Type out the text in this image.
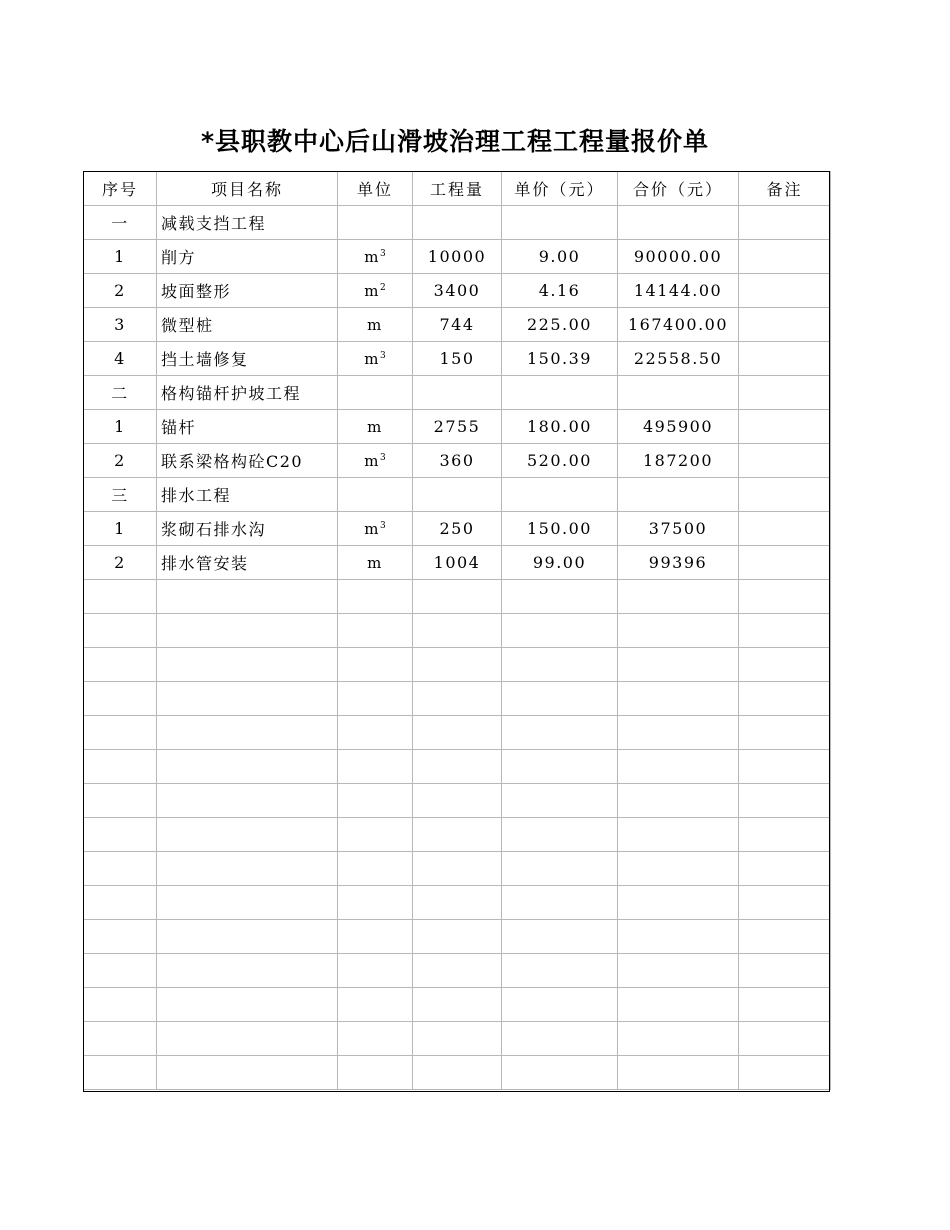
*县职教中心后山滑坡治理工程工程量报价单
序号	项目名称	单位	工程量	单价（元）	合价（元）	备注
一	减载支挡工程					
1	削方	$m^3$	10000	9.00	90000.00	
2	坡面整形	$m^2$	3400	4.16	14144.00	
3	微型桩	m	744	225.00	167400.00	
4	挡土墙修复	$m^3$	150	150.39	22558.50	
二	格构锚杆护坡工程					
1	锚杆	m	2755	180.00	495900	
2	联系梁格构砼C20	$m^3$	360	520.00	187200	
三	排水工程					
1	浆砌石排水沟	$m^3$	250	150.00	37500	
2	排水管安装	m	1004	99.00	99396	
